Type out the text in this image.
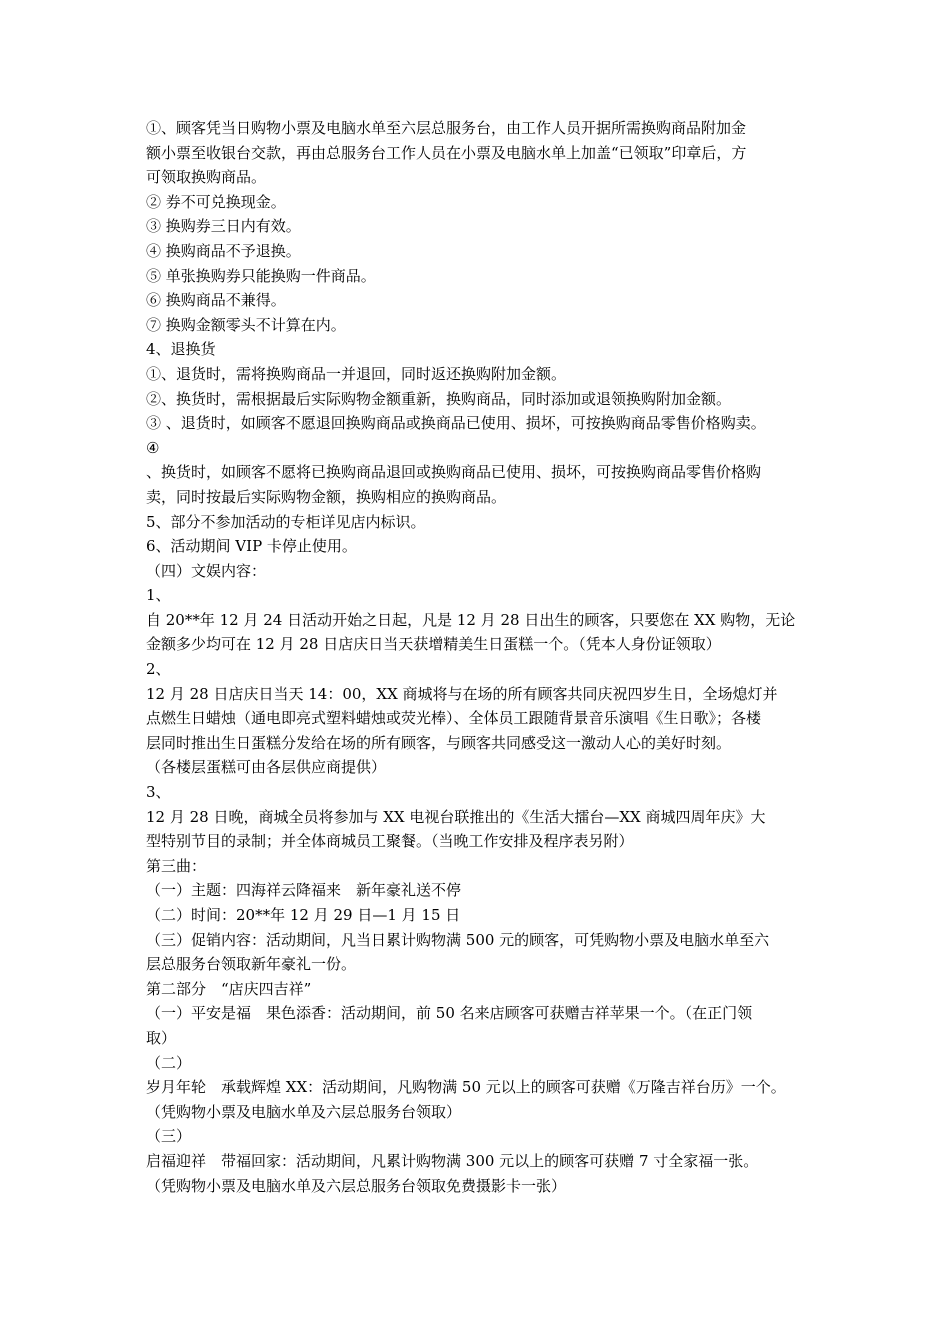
①、顾客凭当日购物小票及电脑水单至六层总服务台，由工作人员开据所需换购商品附加金

额小票至收银台交款，再由总服务台工作人员在小票及电脑水单上加盖“已领取”印章后，方

可领取换购商品。

② 券不可兑换现金。

③ 换购券三日内有效。

④ 换购商品不予退换。

⑤ 单张换购券只能换购一件商品。

⑥ 换购商品不兼得。

⑦ 换购金额零头不计算在内。

4、退换货

①、退货时，需将换购商品一并退回，同时返还换购附加金额。

②、换货时，需根据最后实际购物金额重新，换购商品，同时添加或退领换购附加金额。

③ 、退货时，如顾客不愿退回换购商品或换商品已使用、损坏，可按换购商品零售价格购卖。

④

、换货时，如顾客不愿将已换购商品退回或换购商品已使用、损坏，可按换购商品零售价格购

卖，同时按最后实际购物金额，换购相应的换购商品。

5、部分不参加活动的专柜详见店内标识。

6、活动期间 VIP 卡停止使用。

（四）文娱内容：

1、

自 20**年 12 月 24 日活动开始之日起，凡是 12 月 28 日出生的顾客，只要您在 XX 购物，无论

金额多少均可在 12 月 28 日店庆日当天获增精美生日蛋糕一个。（凭本人身份证领取）

2、

12 月 28 日店庆日当天 14：00，XX 商城将与在场的所有顾客共同庆祝四岁生日，全场熄灯并

点燃生日蜡烛（通电即亮式塑料蜡烛或荧光棒）、全体员工跟随背景音乐演唱《生日歌》；各楼

层同时推出生日蛋糕分发给在场的所有顾客，与顾客共同感受这一激动人心的美好时刻。

（各楼层蛋糕可由各层供应商提供）

3、

12 月 28 日晚，商城全员将参加与 XX 电视台联推出的《生活大擂台—XX 商城四周年庆》大

型特别节目的录制；并全体商城员工聚餐。（当晚工作安排及程序表另附）

第三曲：

（一）主题：四海祥云降福来　新年豪礼送不停

（二）时间：20**年 12 月 29 日—1 月 15 日

（三）促销内容：活动期间，凡当日累计购物满 500 元的顾客，可凭购物小票及电脑水单至六

层总服务台领取新年豪礼一份。

第二部分　“店庆四吉祥”

（一）平安是福　果色添香：活动期间，前 50 名来店顾客可获赠吉祥苹果一个。（在正门领

取）

（二）

岁月年轮　承载辉煌 XX：活动期间，凡购物满 50 元以上的顾客可获赠《万隆吉祥台历》一个。

（凭购物小票及电脑水单及六层总服务台领取）

（三）

启福迎祥　带福回家：活动期间，凡累计购物满 300 元以上的顾客可获赠 7 寸全家福一张。

（凭购物小票及电脑水单及六层总服务台领取免费摄影卡一张）
